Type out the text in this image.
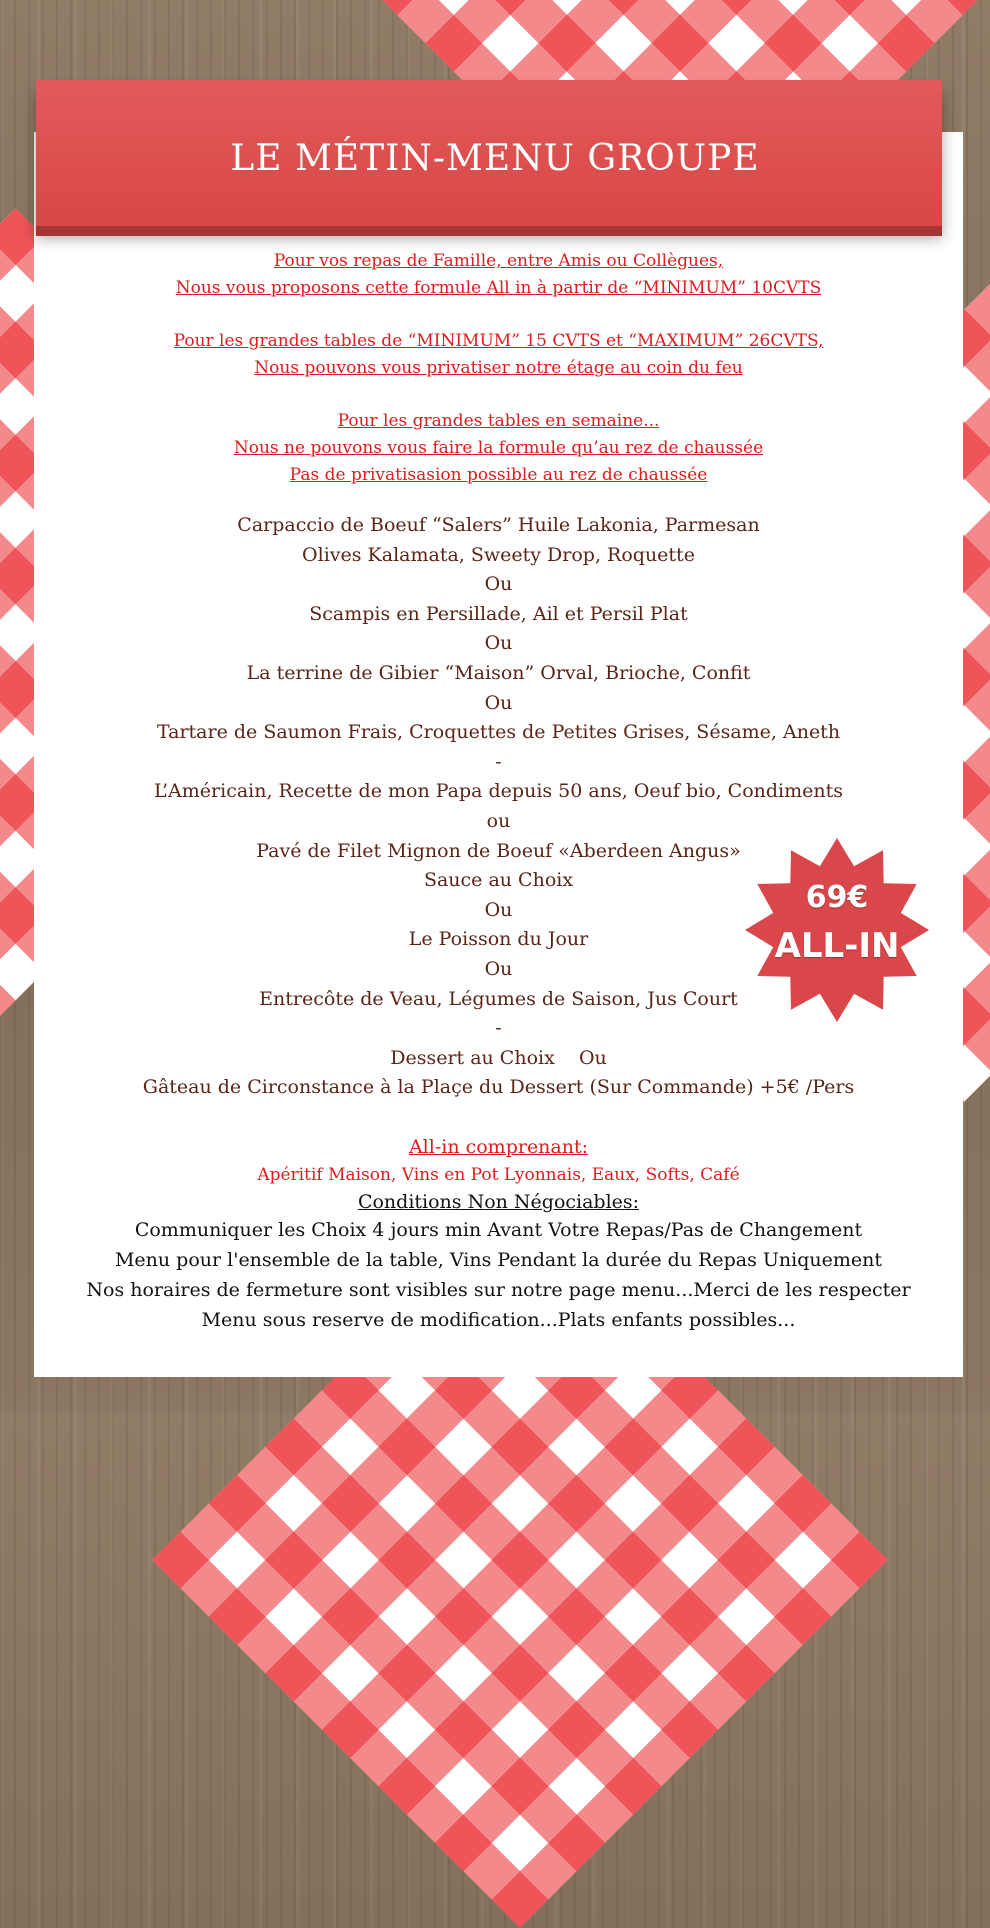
LE MÉTIN-MENU GROUPE
Pour vos repas de Famille, entre Amis ou Collègues,
Nous vous proposons cette formule All in à partir de “MINIMUM” 10CVTS
Pour les grandes tables de “MINIMUM” 15 CVTS et “MAXIMUM” 26CVTS,
Nous pouvons vous privatiser notre étage au coin du feu
Pour les grandes tables en semaine...
Nous ne pouvons vous faire la formule qu’au rez de chaussée
Pas de privatisasion possible au rez de chaussée
Carpaccio de Boeuf “Salers” Huile Lakonia, Parmesan
Olives Kalamata, Sweety Drop, Roquette
Ou
Scampis en Persillade, Ail et Persil Plat
Ou
La terrine de Gibier “Maison” Orval, Brioche, Confit
Ou
Tartare de Saumon Frais, Croquettes de Petites Grises, Sésame, Aneth
-
L’Américain, Recette de mon Papa depuis 50 ans, Oeuf bio, Condiments
ou
Pavé de Filet Mignon de Boeuf «Aberdeen Angus»
Sauce au Choix
Ou
Le Poisson du Jour
Ou
Entrecôte de Veau, Légumes de Saison, Jus Court
-
Dessert au Choix    Ou
Gâteau de Circonstance à la Plaçe du Dessert (Sur Commande) +5€ /Pers
All-in comprenant:
Apéritif Maison, Vins en Pot Lyonnais, Eaux, Softs, Café
Conditions Non Négociables:
Communiquer les Choix 4 jours min Avant Votre Repas/Pas de Changement
Menu pour l'ensemble de la table, Vins Pendant la durée du Repas Uniquement
Nos horaires de fermeture sont visibles sur notre page menu...Merci de les respecter
Menu sous reserve de modification...Plats enfants possibles...
69€
ALL-IN
